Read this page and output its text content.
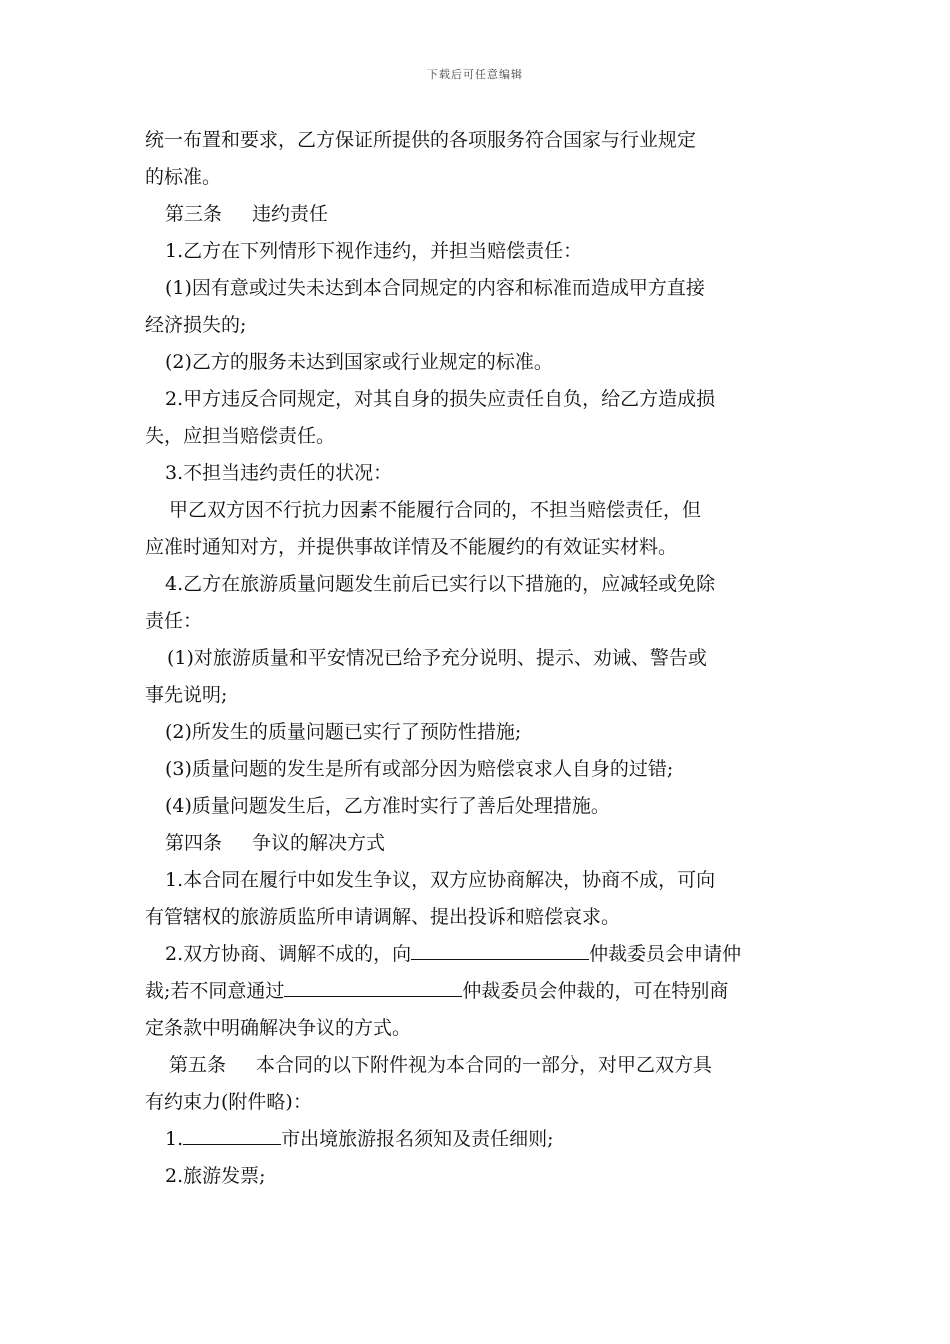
下载后可任意编辑
统一布置和要求，乙方保证所提供的各项服务符合国家与行业规定
的标准。
第三条 违约责任
1.乙方在下列情形下视作违约，并担当赔偿责任：
(1)因有意或过失未达到本合同规定的内容和标准而造成甲方直接
经济损失的;
(2)乙方的服务未达到国家或行业规定的标准。
2.甲方违反合同规定，对其自身的损失应责任自负，给乙方造成损
失，应担当赔偿责任。
3.不担当违约责任的状况：
甲乙双方因不行抗力因素不能履行合同的，不担当赔偿责任，但
应准时通知对方，并提供事故详情及不能履约的有效证实材料。
4.乙方在旅游质量问题发生前后已实行以下措施的，应减轻或免除
责任：
(1)对旅游质量和平安情况已给予充分说明、提示、劝诫、警告或
事先说明;
(2)所发生的质量问题已实行了预防性措施;
(3)质量问题的发生是所有或部分因为赔偿哀求人自身的过错;
(4)质量问题发生后，乙方准时实行了善后处理措施。
第四条 争议的解决方式
1.本合同在履行中如发生争议，双方应协商解决，协商不成，可向
有管辖权的旅游质监所申请调解、提出投诉和赔偿哀求。
2.双方协商、调解不成的，向	仲裁委员会申请仲
裁;若不同意通过	仲裁委员会仲裁的，可在特别商
定条款中明确解决争议的方式。
第五条 本合同的以下附件视为本合同的一部分，对甲乙双方具
有约束力(附件略)：
1.	市出境旅游报名须知及责任细则;
2.旅游发票;
